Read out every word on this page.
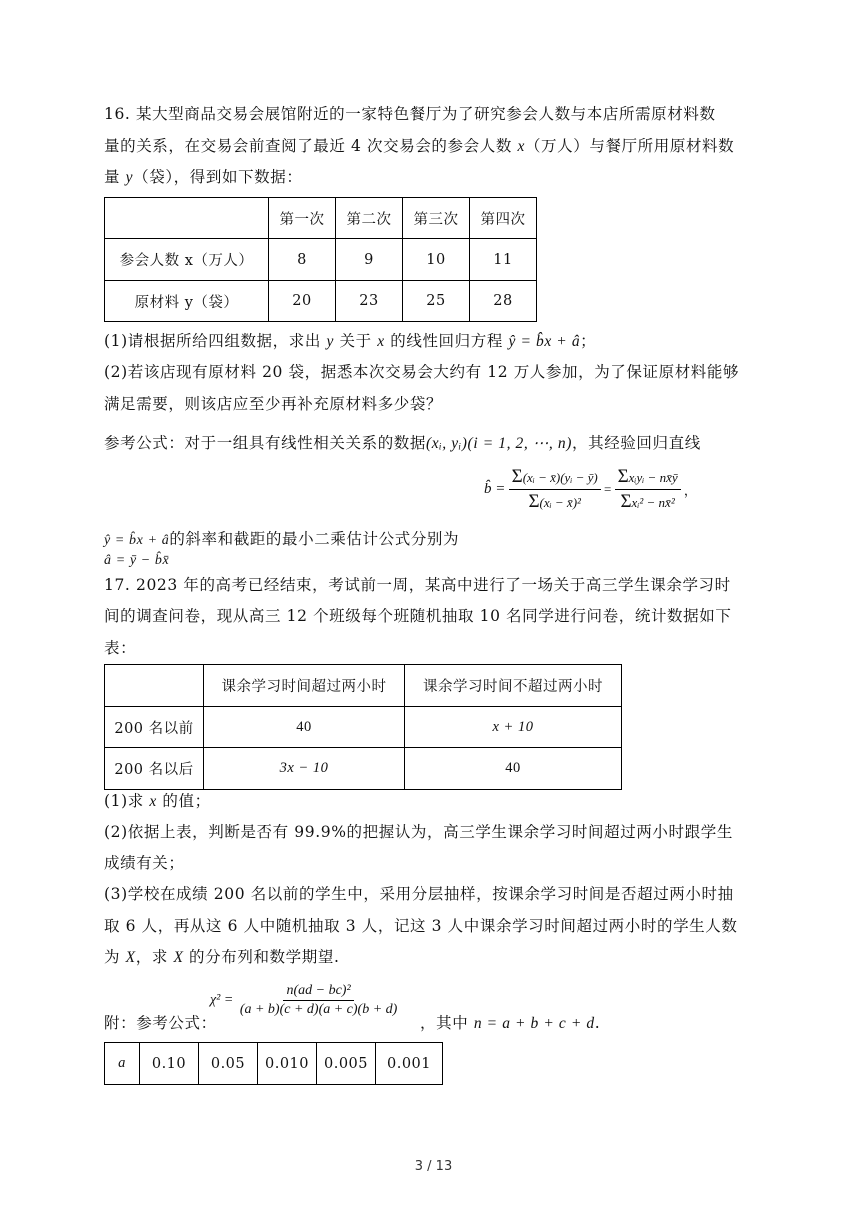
16. 某大型商品交易会展馆附近的一家特色餐厅为了研究参会人数与本店所需原材料数
量的关系，在交易会前查阅了最近 4 次交易会的参会人数 x（万人）与餐厅所用原材料数
量 y（袋），得到如下数据：
	第一次	第二次	第三次	第四次
参会人数 x（万人）	8	9	10	11
原材料 y（袋）	20	23	25	28
(1)请根据所给四组数据，求出 y 关于 x 的线性回归方程 ŷ = b̂x + â；
(2)若该店现有原材料 20 袋，据悉本次交易会大约有 12 万人参加，为了保证原材料能够
满足需要，则该店应至少再补充原材料多少袋？
参考公式：对于一组具有线性相关关系的数据(xᵢ, yᵢ)(i = 1, 2, ⋯, n)，其经验回归直线
b̂ = $\frac{\text{Σ(xᵢ − x̄)(yᵢ − ȳ)}}{\text{Σ(xᵢ − x̄)²}} = \frac{\text{Σxᵢyᵢ − nx̄ȳ}}{\text{Σxᵢ² − nx̄²}}$ ，
ŷ = b̂x + â的斜率和截距的最小二乘估计公式分别为
â = ȳ − b̂x̄
17. 2023 年的高考已经结束，考试前一周，某高中进行了一场关于高三学生课余学习时
间的调查问卷，现从高三 12 个班级每个班随机抽取 10 名同学进行问卷，统计数据如下
表：
	课余学习时间超过两小时	课余学习时间不超过两小时
200 名以前	40	x + 10
200 名以后	3x − 10	40
(1)求 x 的值；
(2)依据上表，判断是否有 99.9%的把握认为，高三学生课余学习时间超过两小时跟学生
成绩有关；
(3)学校在成绩 200 名以前的学生中，采用分层抽样，按课余学习时间是否超过两小时抽
取 6 人，再从这 6 人中随机抽取 3 人，记这 3 人中课余学习时间超过两小时的学生人数
为 X，求 X 的分布列和数学期望.
附：参考公式：
$\chi^2 = \frac{\text{n(ad − bc)²}}{(a + b)(c + d)(a + c)(b + d)}$
，其中 n = a + b + c + d.
a	0.10	0.05	0.010	0.005	0.001
3 / 13
